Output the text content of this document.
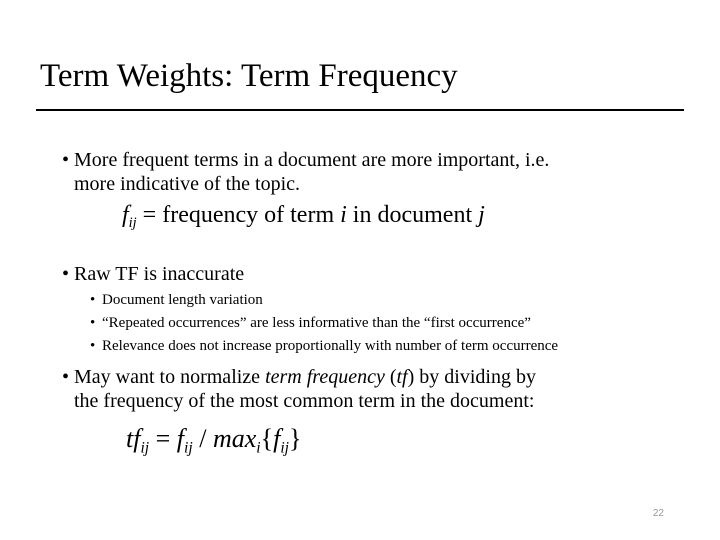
Term Weights: Term Frequency
• More frequent terms in a document are more important, i.e.
more indicative of the topic.
$f_{ij}$ = frequency of term i in document j
• Raw TF is inaccurate
• Document length variation
• “Repeated occurrences” are less informative than the “first occurrence”
• Relevance does not increase proportionally with number of term occurrence
• May want to normalize term frequency (tf) by dividing by
the frequency of the most common term in the document:
$tf_{ij} = f_{ij} / \max_i\{f_{ij}\}$
22
